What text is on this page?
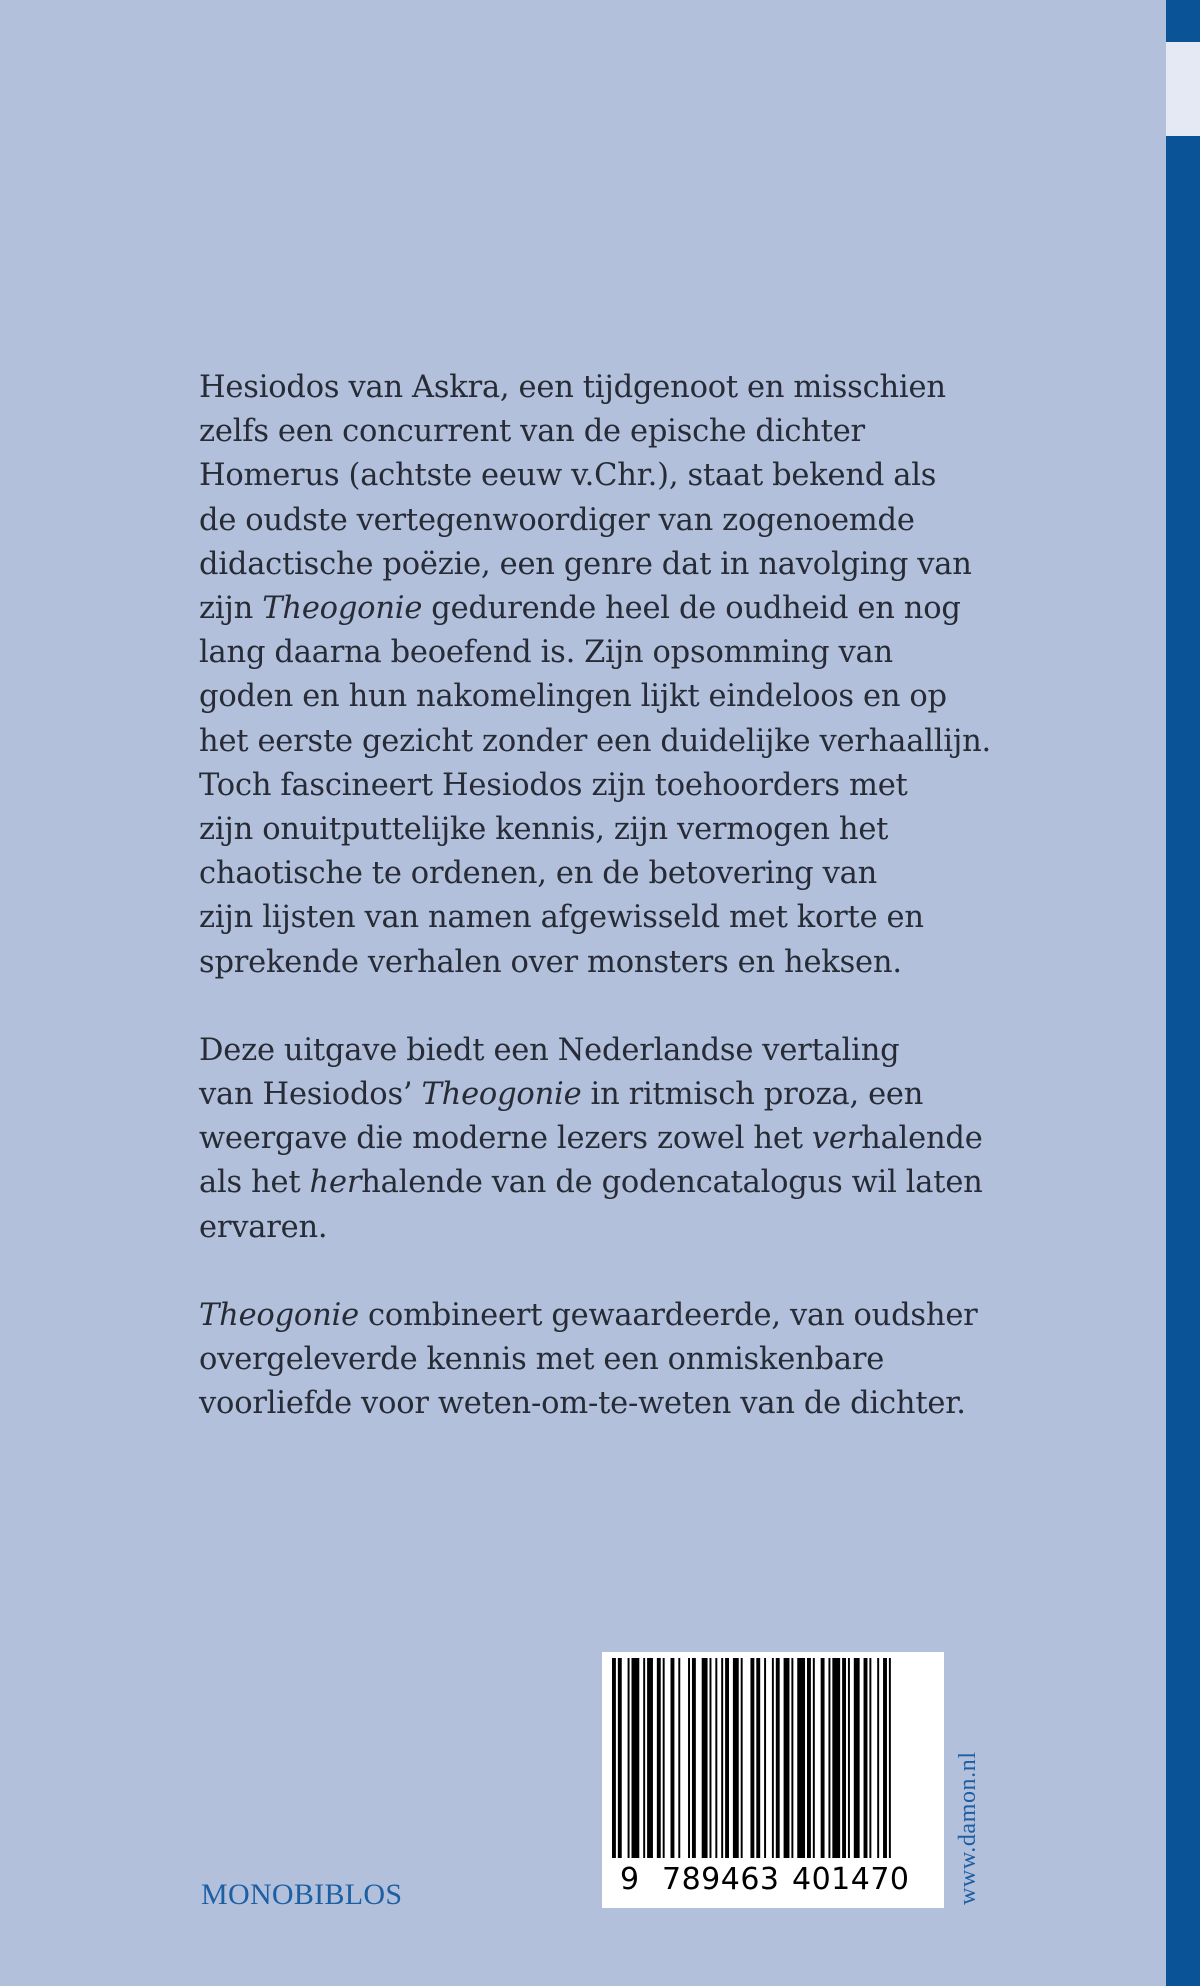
Hesiodos van Askra, een tijdgenoot en misschien
zelfs een concurrent van de epische dichter
Homerus (achtste eeuw v.Chr.), staat bekend als
de oudste vertegenwoordiger van zogenoemde
didactische poëzie, een genre dat in navolging van
zijn Theogonie gedurende heel de oudheid en nog
lang daarna beoefend is. Zijn opsomming van
goden en hun nakomelingen lijkt eindeloos en op
het eerste gezicht zonder een duidelijke verhaallijn.
Toch fascineert Hesiodos zijn toehoorders met
zijn onuitputtelijke kennis, zijn vermogen het
chaotische te ordenen, en de betovering van
zijn lijsten van namen afgewisseld met korte en
sprekende verhalen over monsters en heksen.

Deze uitgave biedt een Nederlandse vertaling
van Hesiodos’ Theogonie in ritmisch proza, een
weergave die moderne lezers zowel het verhalende
als het herhalende van de godencatalogus wil laten
ervaren.

Theogonie combineert gewaardeerde, van oudsher
overgeleverde kennis met een onmiskenbare
voorliefde voor weten-om-te-weten van de dichter.

9 789463 401470 www.damon.nl
MONOBIBLOS
